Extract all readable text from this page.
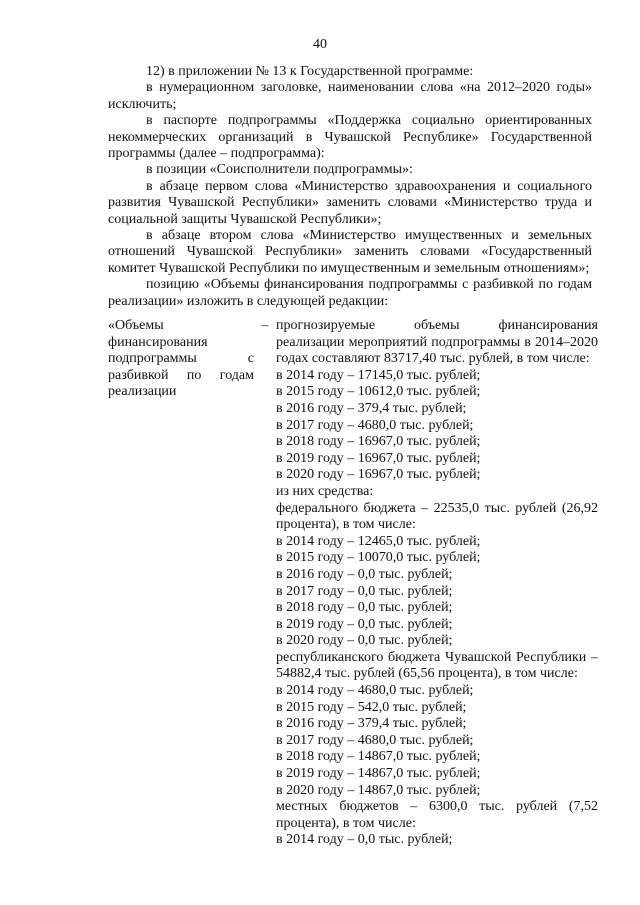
40

12) в приложении № 13 к Государственной программе:

в нумерационном заголовке, наименовании слова «на 2012–2020 годы» исключить;

в паспорте подпрограммы «Поддержка социально ориентированных некоммерческих организаций в Чувашской Республике» Государственной программы (далее – подпрограмма):

в позиции «Соисполнители подпрограммы»:

в абзаце первом слова «Министерство здравоохранения и социального развития Чувашской Республики» заменить словами «Министерство труда и социальной защиты Чувашской Республики»;

в абзаце втором слова «Министерство имущественных и земельных отношений Чувашской Республики» заменить словами «Государственный комитет Чувашской Республики по имущественным и земельным отношениям»;

позицию «Объемы финансирования подпрограммы с разбивкой по годам реализации» изложить в следующей редакции:

«Объемы финансирования подпрограммы с разбивкой по годам реализации
– прогнозируемые объемы финансирования реализации мероприятий подпрограммы в 2014–2020 годах составляют 83717,40 тыс. рублей, в том числе:

в 2014 году – 17145,0 тыс. рублей;

в 2015 году – 10612,0 тыс. рублей;

в 2016 году – 379,4 тыс. рублей;

в 2017 году – 4680,0 тыс. рублей;

в 2018 году – 16967,0 тыс. рублей;

в 2019 году – 16967,0 тыс. рублей;

в 2020 году – 16967,0 тыс. рублей;

из них средства:

федерального бюджета – 22535,0 тыс. рублей (26,92 процента), в том числе:

в 2014 году – 12465,0 тыс. рублей;

в 2015 году – 10070,0 тыс. рублей;

в 2016 году – 0,0 тыс. рублей;

в 2017 году – 0,0 тыс. рублей;

в 2018 году – 0,0 тыс. рублей;

в 2019 году – 0,0 тыс. рублей;

в 2020 году – 0,0 тыс. рублей;

республиканского бюджета Чувашской Республики – 54882,4 тыс. рублей (65,56 процента), в том числе:

в 2014 году – 4680,0 тыс. рублей;

в 2015 году – 542,0 тыс. рублей;

в 2016 году – 379,4 тыс. рублей;

в 2017 году – 4680,0 тыс. рублей;

в 2018 году – 14867,0 тыс. рублей;

в 2019 году – 14867,0 тыс. рублей;

в 2020 году – 14867,0 тыс. рублей;

местных бюджетов – 6300,0 тыс. рублей (7,52 процента), в том числе:

в 2014 году – 0,0 тыс. рублей;
